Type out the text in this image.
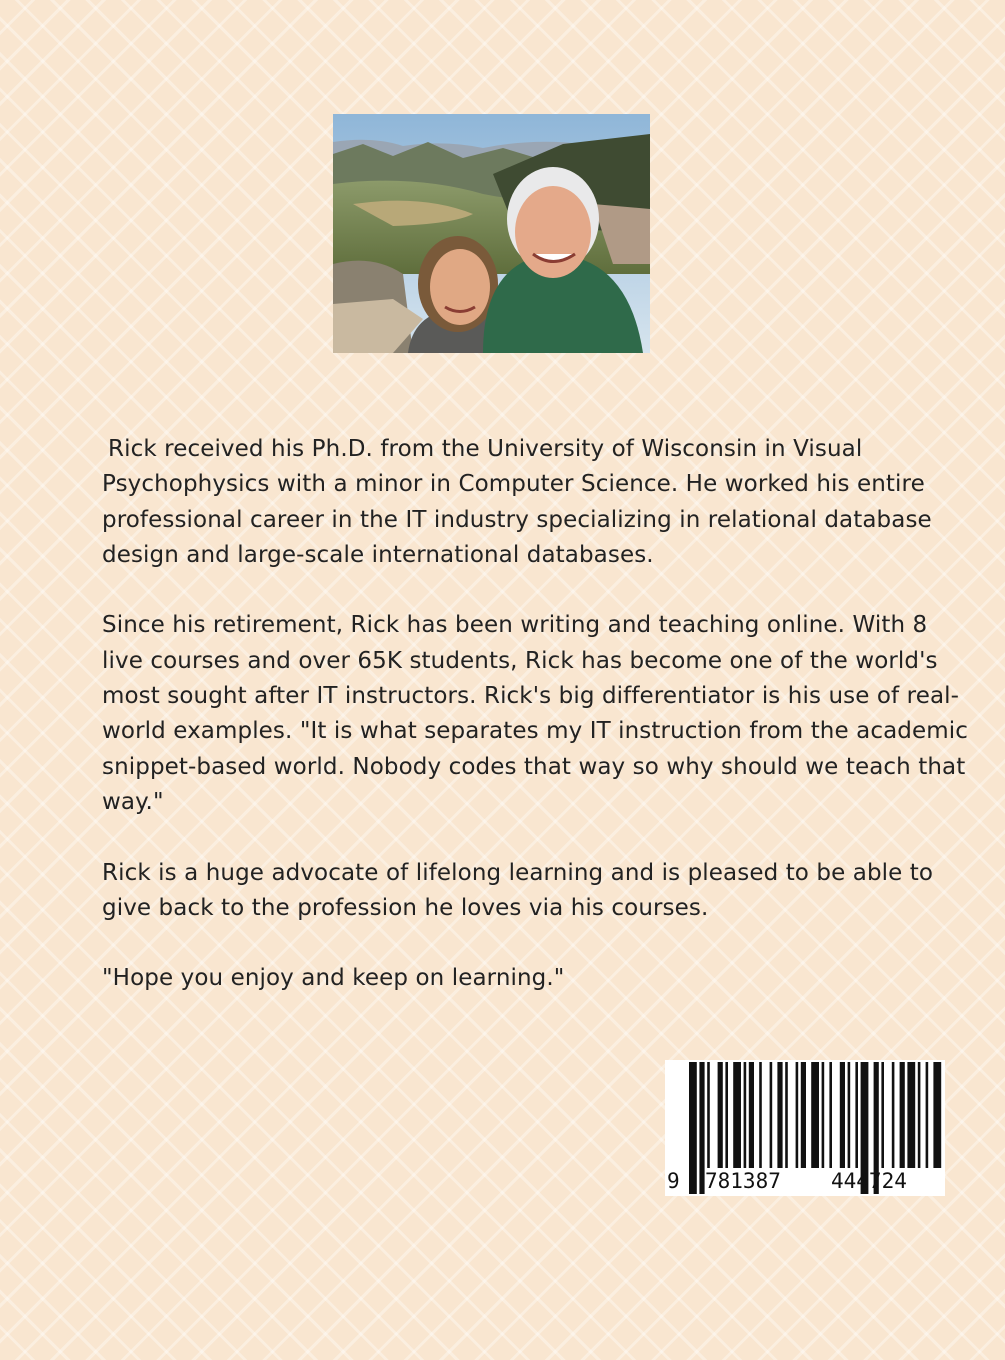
Rick received his Ph.D. from the University of Wisconsin in Visual Psychophysics with a minor in Computer Science. He worked his entire professional career in the IT industry specializing in relational database design and large-scale international databases.

Since his retirement, Rick has been writing and teaching online. With 8 live courses and over 65K students, Rick has become one of the world's most sought after IT instructors. Rick's big differentiator is his use of real-world examples. "It is what separates my IT instruction from the academic snippet-based world. Nobody codes that way so why should we teach that way."

Rick is a huge advocate of lifelong learning and is pleased to be able to give back to the profession he loves via his courses.

"Hope you enjoy and keep on learning."

9 781387 444724
